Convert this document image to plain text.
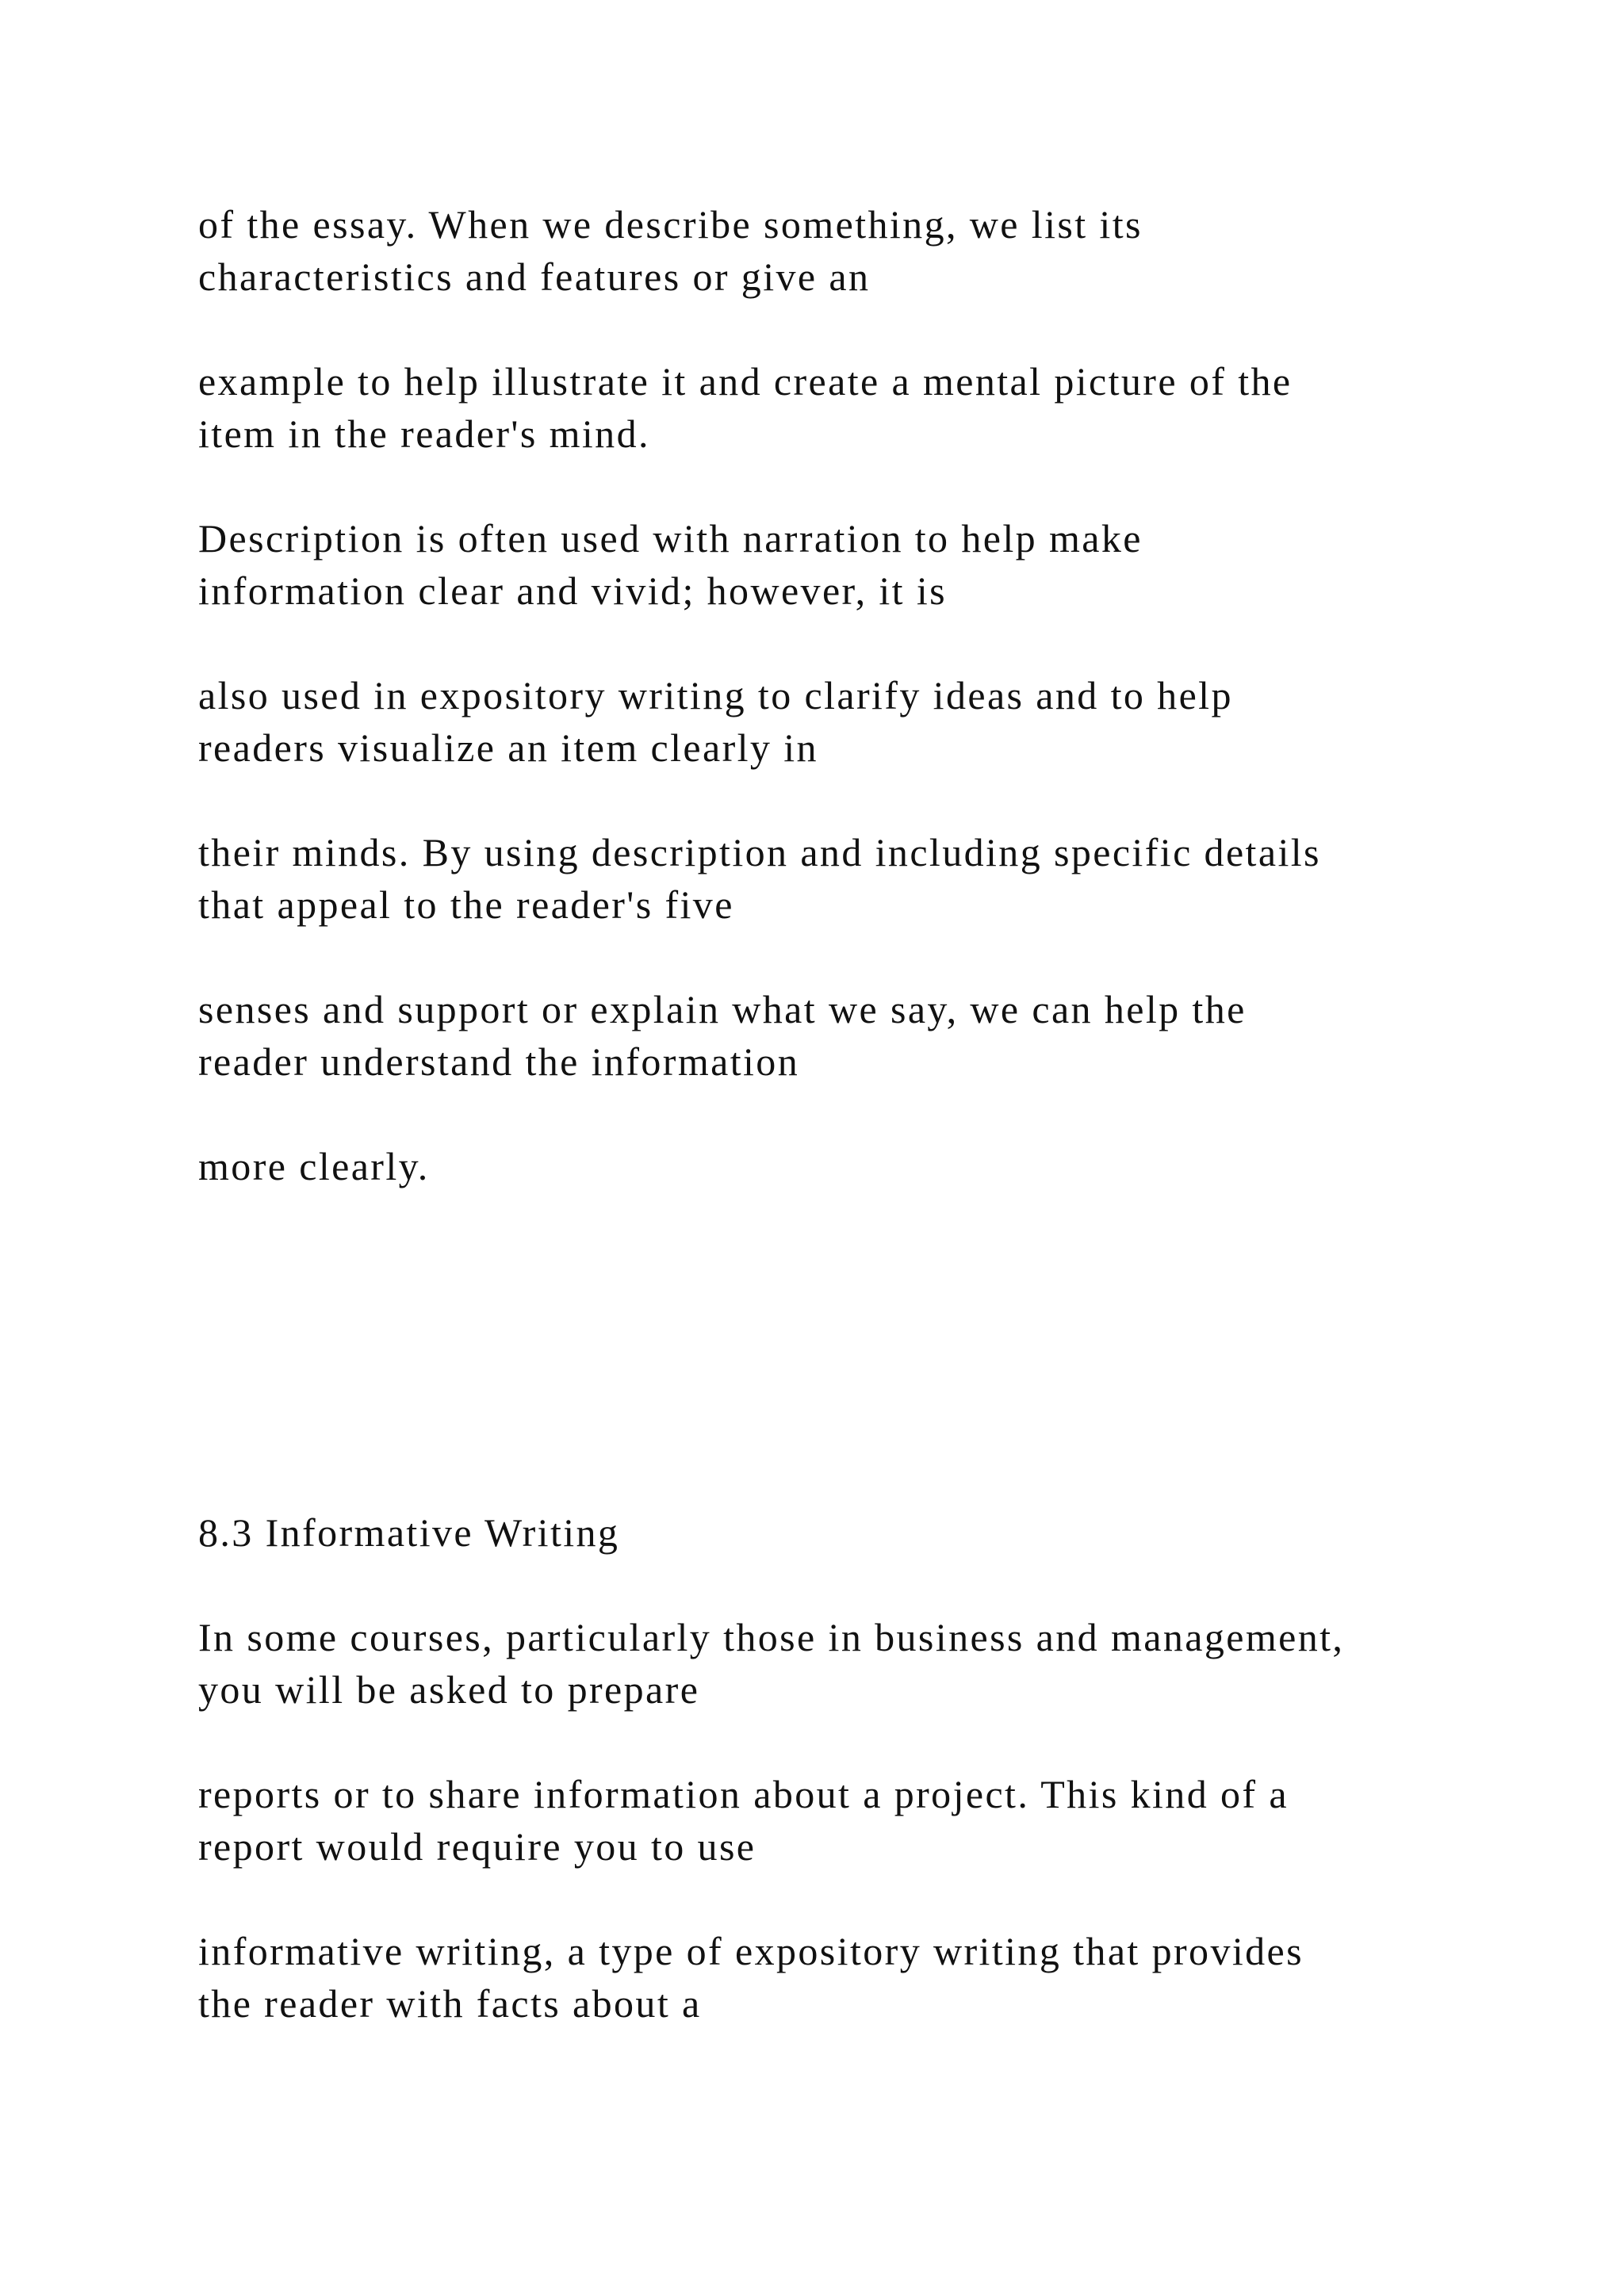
of the essay. When we describe something, we list its
characteristics and features or give an
example to help illustrate it and create a mental picture of the
item in the reader's mind.
Description is often used with narration to help make
information clear and vivid; however, it is
also used in expository writing to clarify ideas and to help
readers visualize an item clearly in
their minds. By using description and including specific details
that appeal to the reader's five
senses and support or explain what we say, we can help the
reader understand the information
more clearly.
8.3 Informative Writing
In some courses, particularly those in business and management,
you will be asked to prepare
reports or to share information about a project. This kind of a
report would require you to use
informative writing, a type of expository writing that provides
the reader with facts about a
